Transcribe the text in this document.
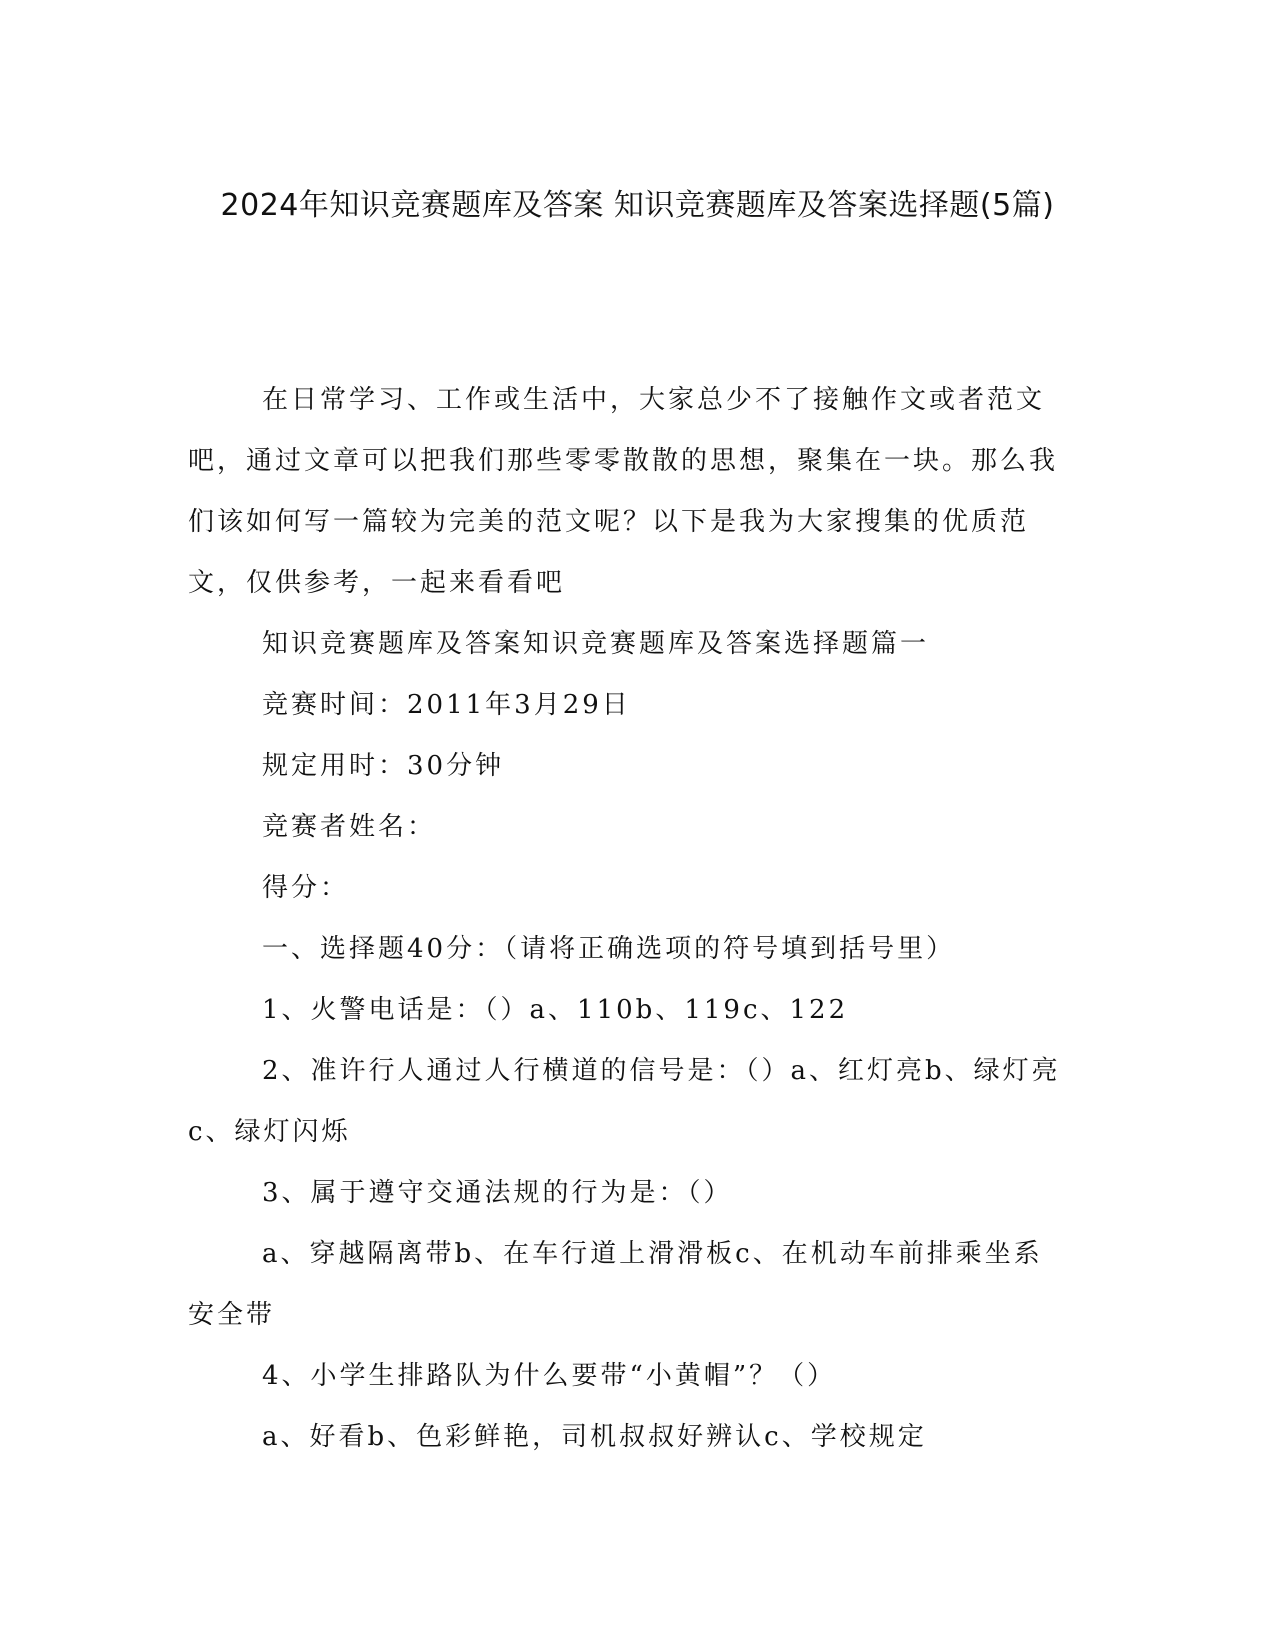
2024年知识竞赛题库及答案 知识竞赛题库及答案选择题(5篇)

在日常学习、工作或生活中，大家总少不了接触作文或者范文吧，通过文章可以把我们那些零零散散的思想，聚集在一块。那么我们该如何写一篇较为完美的范文呢？以下是我为大家搜集的优质范文，仅供参考，一起来看看吧

知识竞赛题库及答案知识竞赛题库及答案选择题篇一

竞赛时间：2011年3月29日

规定用时：30分钟

竞赛者姓名：

得分：

一、选择题40分：（请将正确选项的符号填到括号里）

1、火警电话是：（）a、110b、119c、122

2、准许行人通过人行横道的信号是：（）a、红灯亮b、绿灯亮c、绿灯闪烁

3、属于遵守交通法规的行为是：（）

a、穿越隔离带b、在车行道上滑滑板c、在机动车前排乘坐系安全带

4、小学生排路队为什么要带“小黄帽”？（）

a、好看b、色彩鲜艳，司机叔叔好辨认c、学校规定
